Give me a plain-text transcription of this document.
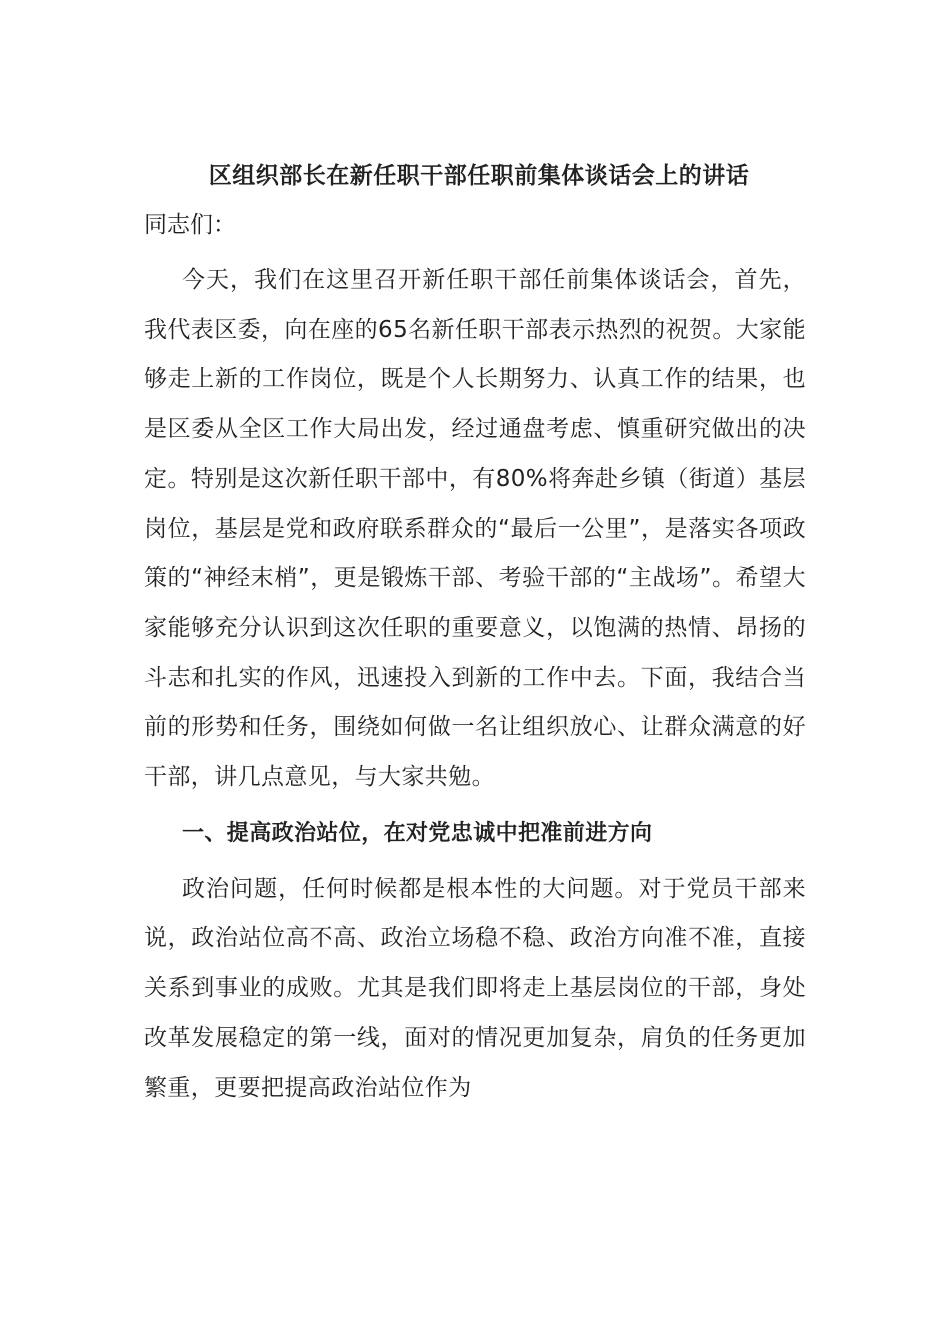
区组织部长在新任职干部任职前集体谈话会上的讲话

同志们：

今天，我们在这里召开新任职干部任前集体谈话会，首先，我代表区委，向在座的65名新任职干部表示热烈的祝贺。大家能够走上新的工作岗位，既是个人长期努力、认真工作的结果，也是区委从全区工作大局出发，经过通盘考虑、慎重研究做出的决定。特别是这次新任职干部中，有80%将奔赴乡镇（街道）基层岗位，基层是党和政府联系群众的“最后一公里”，是落实各项政策的“神经末梢”，更是锻炼干部、考验干部的“主战场”。希望大家能够充分认识到这次任职的重要意义，以饱满的热情、昂扬的斗志和扎实的作风，迅速投入到新的工作中去。下面，我结合当前的形势和任务，围绕如何做一名让组织放心、让群众满意的好干部，讲几点意见，与大家共勉。

一、提高政治站位，在对党忠诚中把准前进方向

政治问题，任何时候都是根本性的大问题。对于党员干部来说，政治站位高不高、政治立场稳不稳、政治方向准不准，直接关系到事业的成败。尤其是我们即将走上基层岗位的干部，身处改革发展稳定的第一线，面对的情况更加复杂，肩负的任务更加繁重，更要把提高政治站位作为
